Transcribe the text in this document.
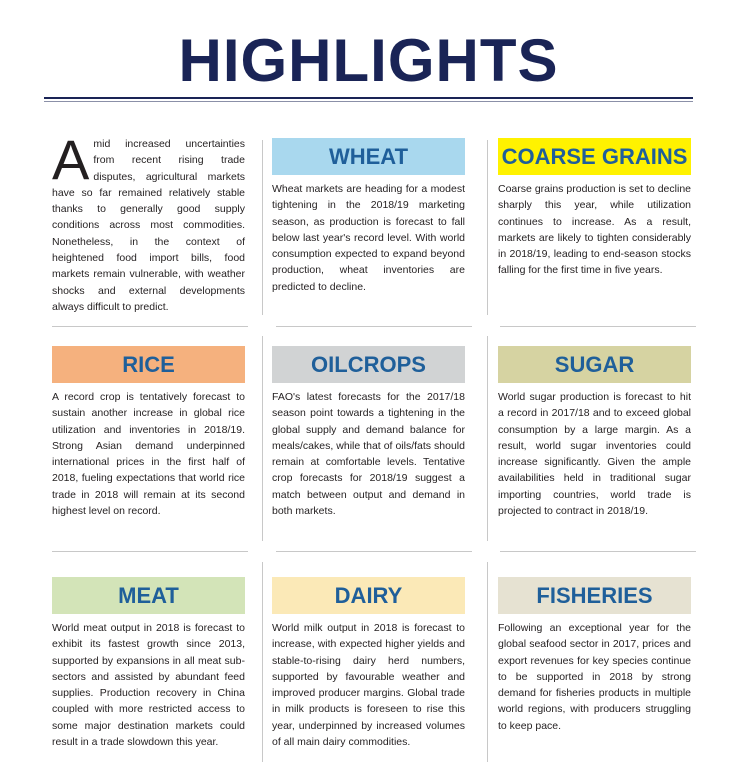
HIGHLIGHTS
Amid increased uncertainties from recent rising trade disputes, agricultural markets have so far remained relatively stable thanks to generally good supply conditions across most commodities. Nonetheless, in the context of heightened food import bills, food markets remain vulnerable, with weather shocks and external developments always difficult to predict.
WHEAT
Wheat markets are heading for a modest tightening in the 2018/19 marketing season, as production is forecast to fall below last year's record level. With world consumption expected to expand beyond production, wheat inventories are predicted to decline.
COARSE GRAINS
Coarse grains production is set to decline sharply this year, while utilization continues to increase. As a result, markets are likely to tighten considerably in 2018/19, leading to end-season stocks falling for the first time in five years.
RICE
A record crop is tentatively forecast to sustain another increase in global rice utilization and inventories in 2018/19. Strong Asian demand underpinned international prices in the first half of 2018, fueling expectations that world rice trade in 2018 will remain at its second highest level on record.
OILCROPS
FAO's latest forecasts for the 2017/18 season point towards a tightening in the global supply and demand balance for meals/cakes, while that of oils/fats should remain at comfortable levels. Tentative crop forecasts for 2018/19 suggest a match between output and demand in both markets.
SUGAR
World sugar production is forecast to hit a record in 2017/18 and to exceed global consumption by a large margin. As a result, world sugar inventories could increase significantly. Given the ample availabilities held in traditional sugar importing countries, world trade is projected to contract in 2018/19.
MEAT
World meat output in 2018 is forecast to exhibit its fastest growth since 2013, supported by expansions in all meat sub-sectors and assisted by abundant feed supplies. Production recovery in China coupled with more restricted access to some major destination markets could result in a trade slowdown this year.
DAIRY
World milk output in 2018 is forecast to increase, with expected higher yields and stable-to-rising dairy herd numbers, supported by favourable weather and improved producer margins. Global trade in milk products is foreseen to rise this year, underpinned by increased volumes of all main dairy commodities.
FISHERIES
Following an exceptional year for the global seafood sector in 2017, prices and export revenues for key species continue to be supported in 2018 by strong demand for fisheries products in multiple world regions, with producers struggling to keep pace.
